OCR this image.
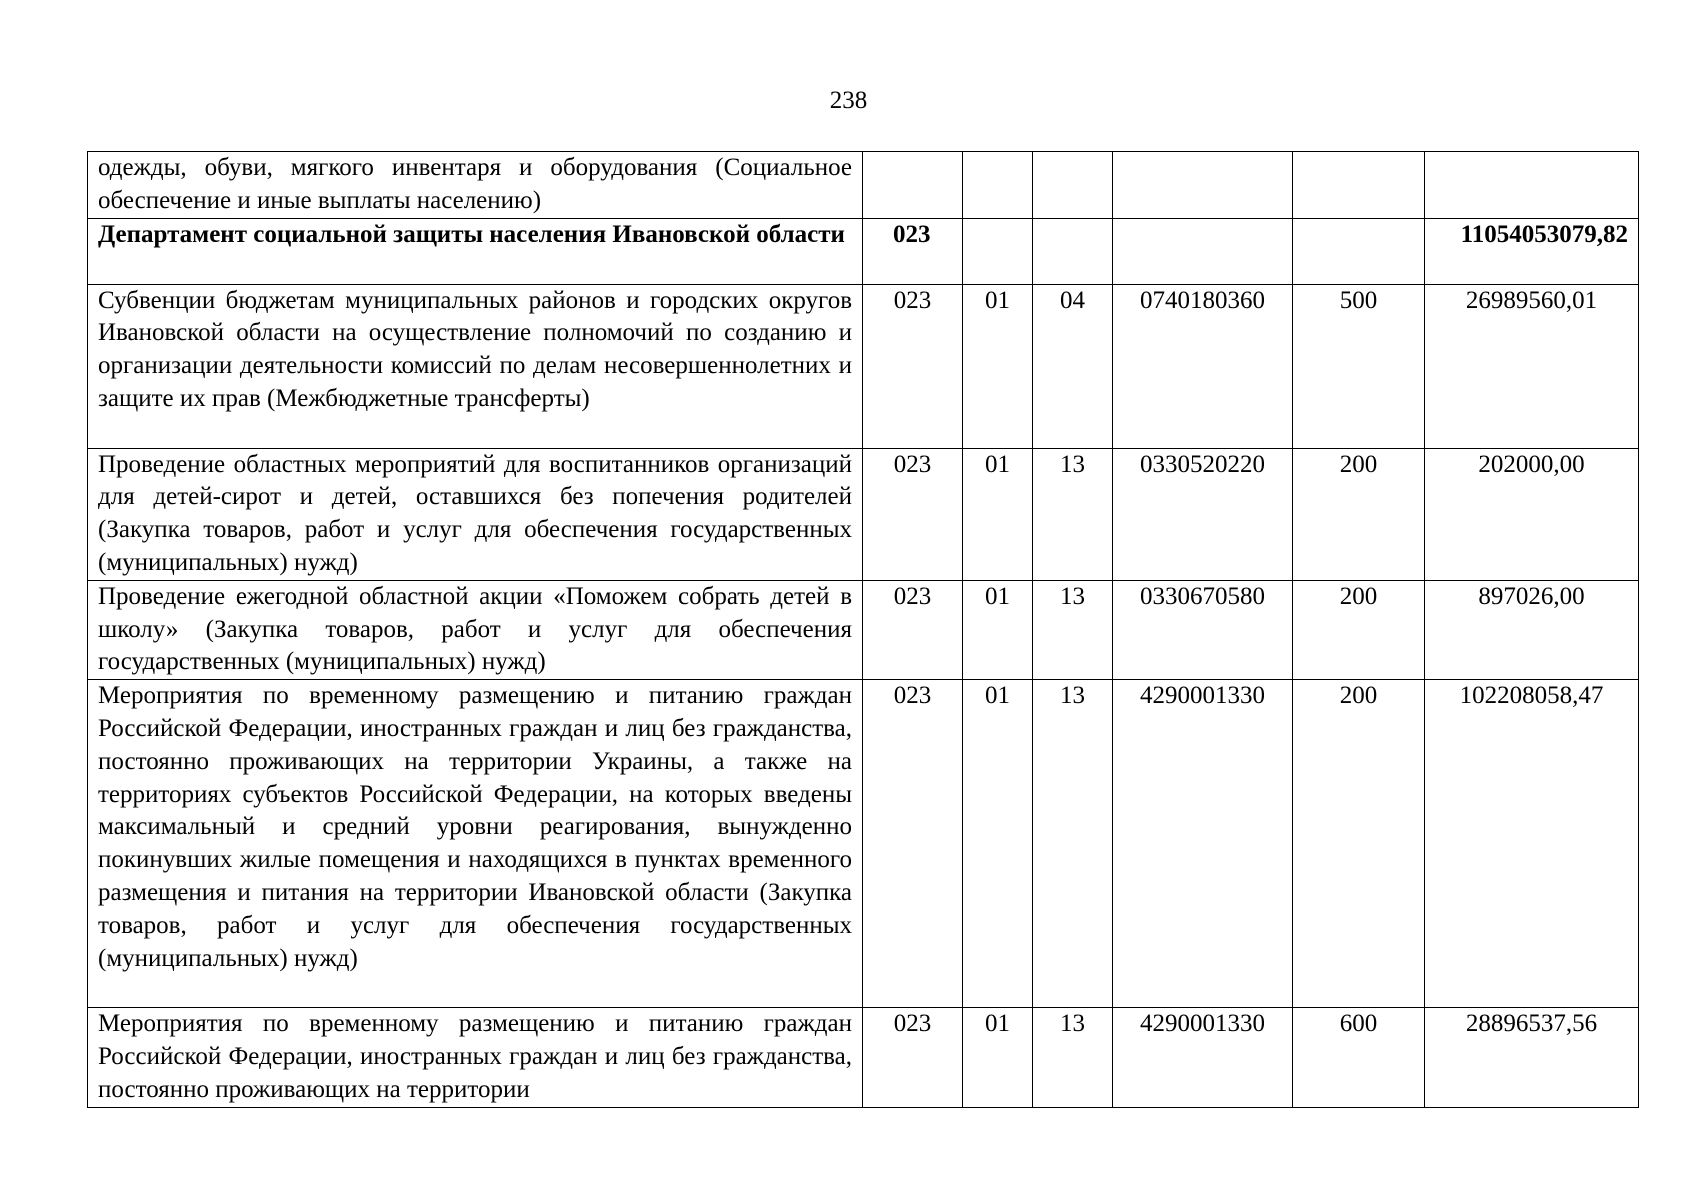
238
одежды, обуви, мягкого инвентаря и оборудования (Социальное обеспечение и иные выплаты населению)						
Департамент социальной защиты населения Ивановской области	023					11054053079,82
Субвенции бюджетам муниципальных районов и городских округов Ивановской области на осуществление полномочий по созданию и организации деятельности комиссий по делам несовершеннолетних и защите их прав (Межбюджетные трансферты)	023	01	04	0740180360	500	26989560,01
Проведение областных мероприятий для воспитанников организаций для детей-сирот и детей, оставшихся без попечения родителей (Закупка товаров, работ и услуг для обеспечения государственных (муниципальных) нужд)	023	01	13	0330520220	200	202000,00
Проведение ежегодной областной акции «Поможем собрать детей в школу» (Закупка товаров, работ и услуг для обеспечения государственных (муниципальных) нужд)	023	01	13	0330670580	200	897026,00
Мероприятия по временному размещению и питанию граждан Российской Федерации, иностранных граждан и лиц без гражданства, постоянно проживающих на территории Украины, а также на территориях субъектов Российской Федерации, на которых введены максимальный и средний уровни реагирования, вынужденно покинувших жилые помещения и находящихся в пунктах временного размещения и питания на территории Ивановской области (Закупка товаров, работ и услуг для обеспечения государственных (муниципальных) нужд)	023	01	13	4290001330	200	102208058,47
Мероприятия по временному размещению и питанию граждан Российской Федерации, иностранных граждан и лиц без гражданства, постоянно проживающих на территории	023	01	13	4290001330	600	28896537,56
